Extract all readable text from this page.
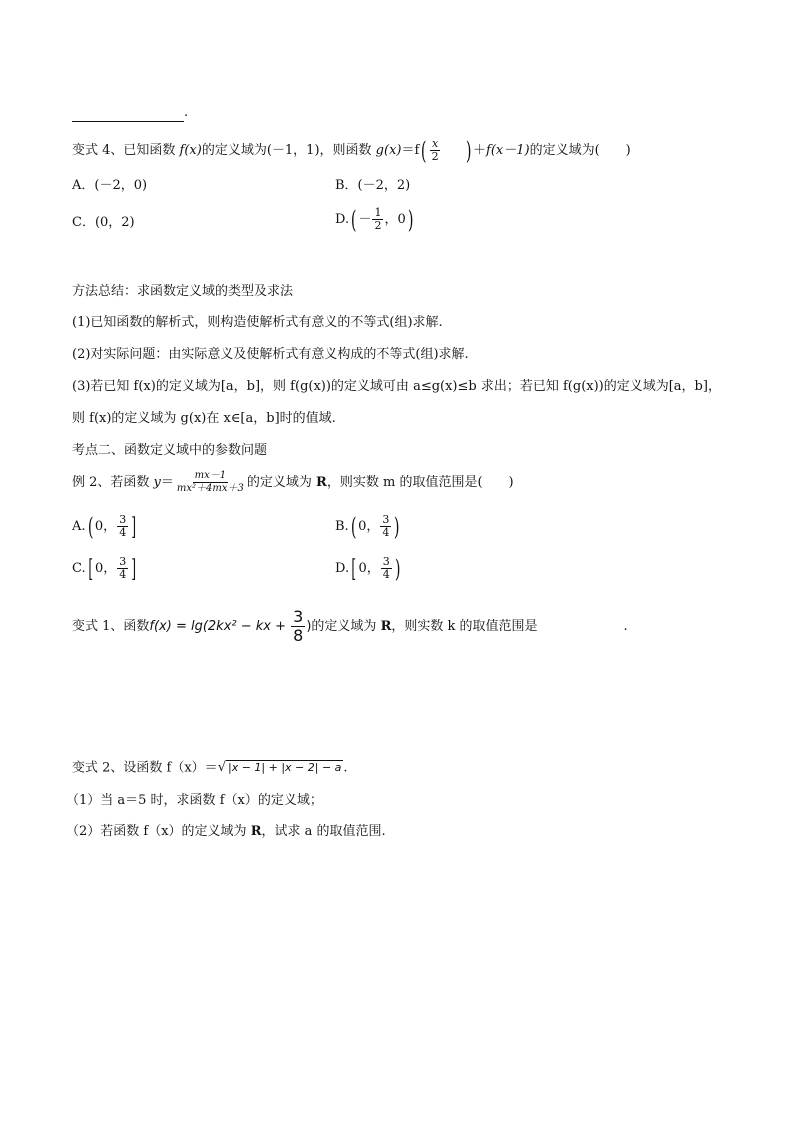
.
变式 4、已知函数 f(x)的定义域为(－1，1)，则函数 $g(x)=f( \frac{x}{2}$ ) ＋f(x－1)的定义域为(　　)
A．(－2，0)	B．(－2，2)
C．(0，2)	$D.( - \frac{1}{2}$ ，0)
方法总结：求函数定义域的类型及求法
(1)已知函数的解析式，则构造使解析式有意义的不等式(组)求解.
(2)对实际问题：由实际意义及使解析式有意义构成的不等式(组)求解.
(3)若已知 f(x)的定义域为[a，b]，则 f(g(x))的定义域可由 a≤g(x)≤b 求出；若已知 f(g(x))的定义域为[a，b]，
则 f(x)的定义域为 g(x)在 x∈[a，b]时的值域.
考点二、函数定义域中的参数问题
例 2、若函数 $y= \frac{mx-1}{\text{mx²＋4mx＋3}}$ 的定义域为 R，则实数 m 的取值范围是(　　)
A.( 0， $\frac{3}{4}$ ]	B.( 0， $\frac{3}{4}$ )
C.[ 0， $\frac{3}{4}$ ]	D.[ 0， $\frac{3}{4}$ )
变式 1、函数f(x) = lg(2kx² − kx + $\frac{3}{8}$ )的定义域为 R，则实数 k 的取值范围是	.
变式 2、设函数 f（x）＝√ |x − 1| + |x − 2| − a .
（1）当 a＝5 时，求函数 f（x）的定义域；
（2）若函数 f（x）的定义域为 R，试求 a 的取值范围.
